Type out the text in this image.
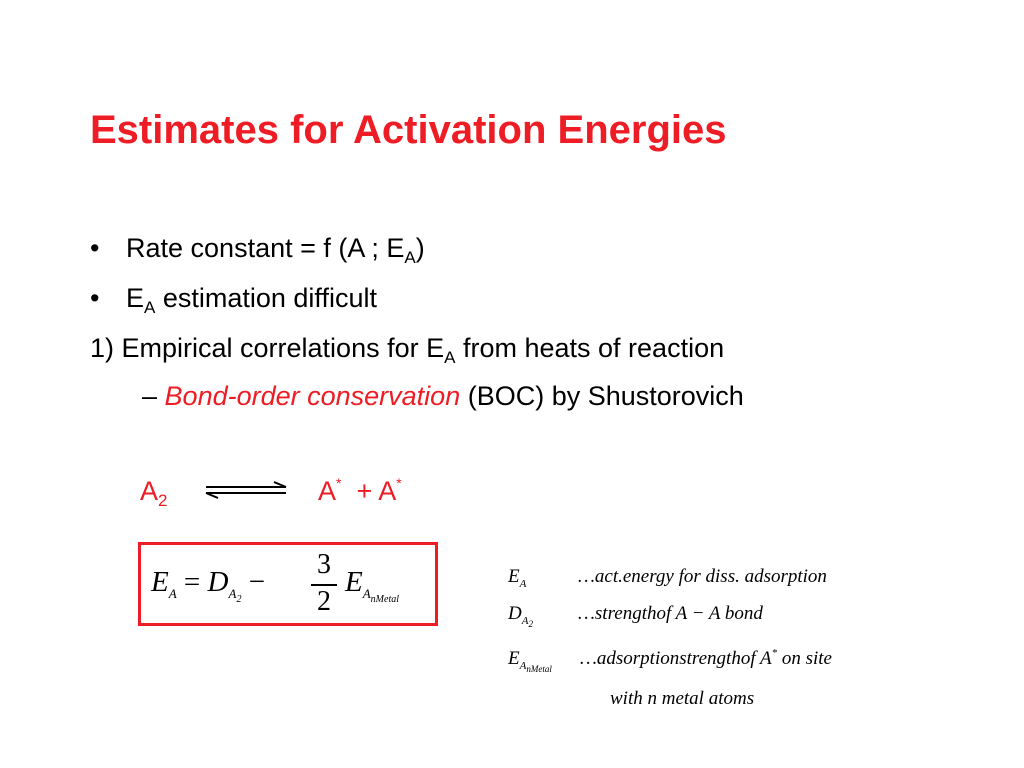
Estimates for Activation Energies
• Rate constant = f (A ; $E_A$)
• $E_A$ estimation difficult
1) Empirical correlations for $E_A$ from heats of reaction
– Bond-order conservation (BOC) by Shustorovich
$A_2$	A* + A*
$E_A = D_{A_2}$ −
3
2
$E_{A_{nMetal}}$
$E_A$	…act.energy for diss. adsorption
$D_{A_2}$ …strengthof A − A bond
$E_{A_{nMetal}}$ …adsorptionstrengthof A* on site
with n metal atoms
